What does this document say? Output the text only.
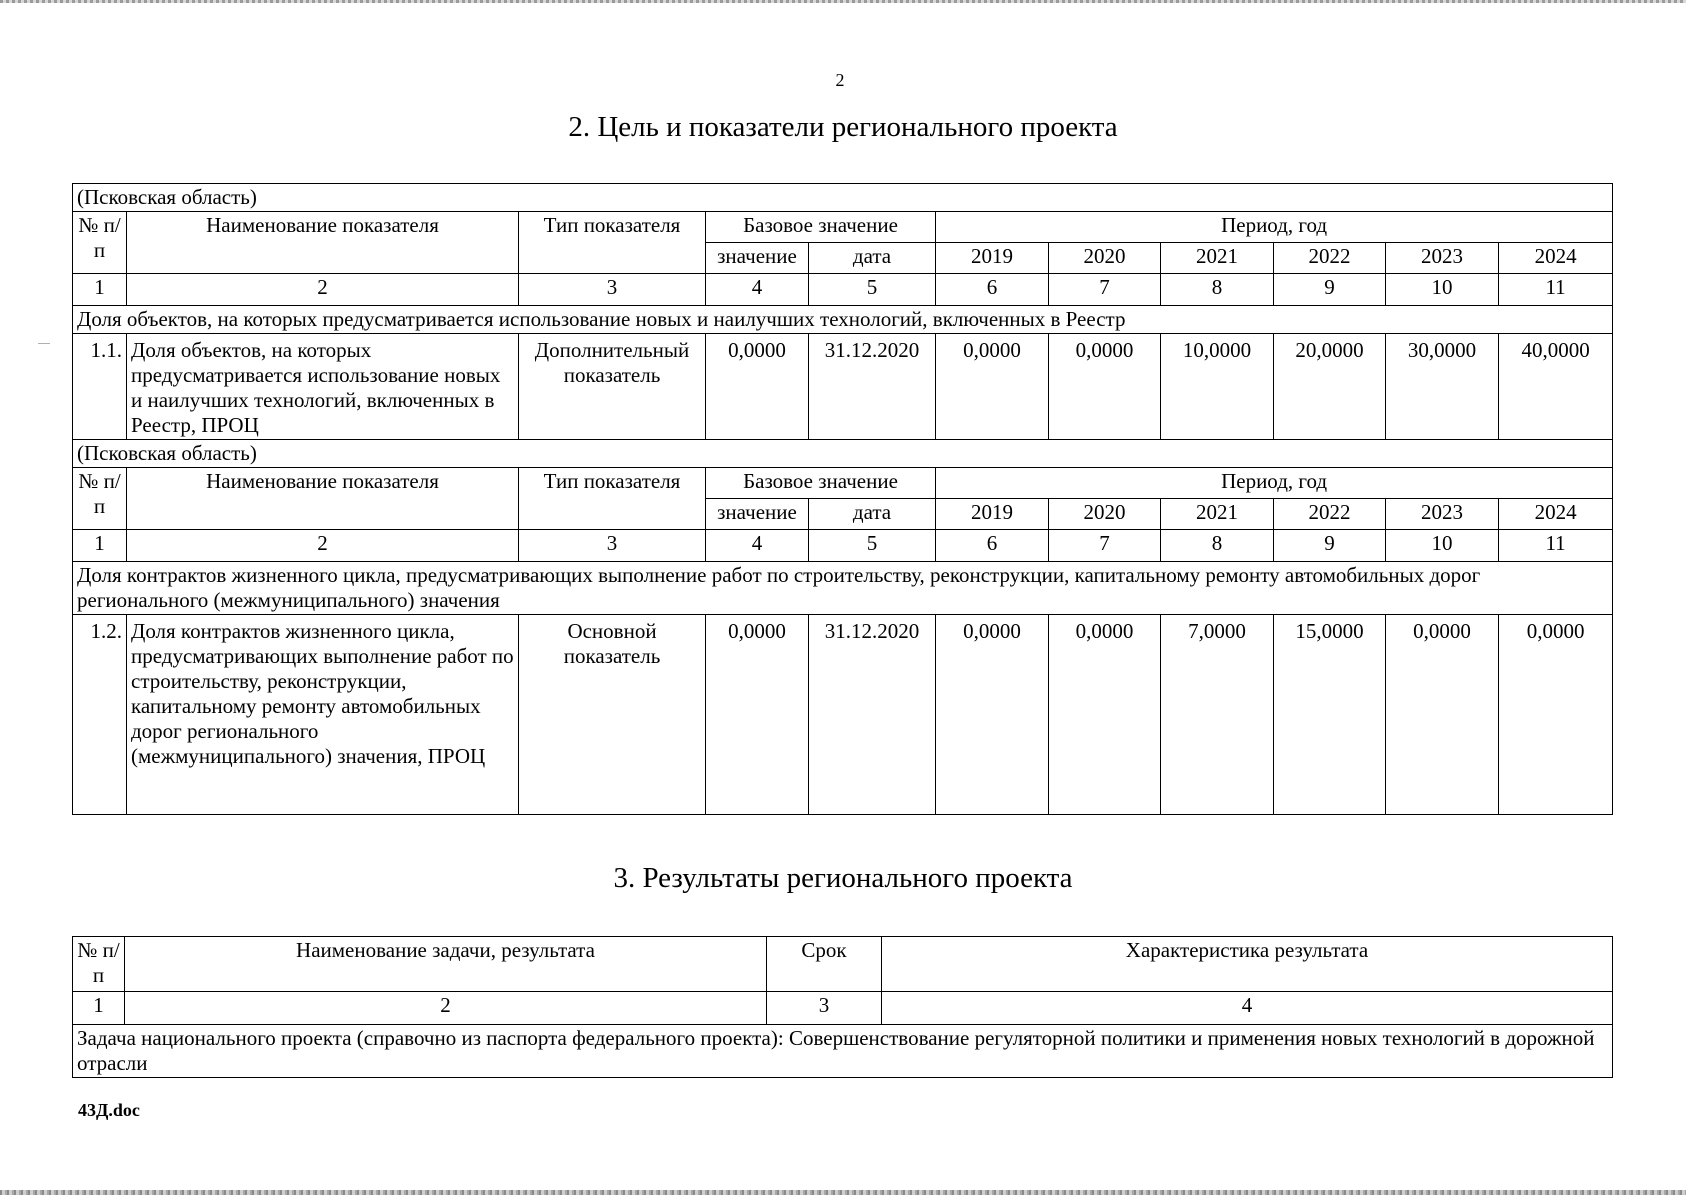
2
2. Цель и показатели регионального проекта
(Псковская область)										
№ п/п	Наименование показателя	Тип показателя	Базовое значение		Период, год					
			значение	дата	2019	2020	2021	2022	2023	2024
1	2	3	4	5	6	7	8	9	10	11
Доля объектов, на которых предусматривается использование новых и наилучших технологий, включенных в Реестр										
1.1.	Доля объектов, на которых предусматривается использование новых и наилучших технологий, включенных в Реестр, ПРОЦ	Дополнительный показатель	0,0000	31.12.2020	0,0000	0,0000	10,0000	20,0000	30,0000	40,0000
(Псковская область)										
№ п/п	Наименование показателя	Тип показателя	Базовое значение		Период, год					
			значение	дата	2019	2020	2021	2022	2023	2024
1	2	3	4	5	6	7	8	9	10	11
Доля контрактов жизненного цикла, предусматривающих выполнение работ по строительству, реконструкции, капитальному ремонту автомобильных дорог регионального (межмуниципального) значения										
1.2.	Доля контрактов жизненного цикла, предусматривающих выполнение работ по строительству, реконструкции, капитальному ремонту автомобильных дорог регионального (межмуниципального) значения, ПРОЦ	Основной показатель	0,0000	31.12.2020	0,0000	0,0000	7,0000	15,0000	0,0000	0,0000
3. Результаты регионального проекта
№ п/п	Наименование задачи, результата	Срок	Характеристика результата
1	2	3	4
Задача национального проекта (справочно из паспорта федерального проекта): Совершенствование регуляторной политики и применения новых технологий в дорожной отрасли			
43Д.doc
